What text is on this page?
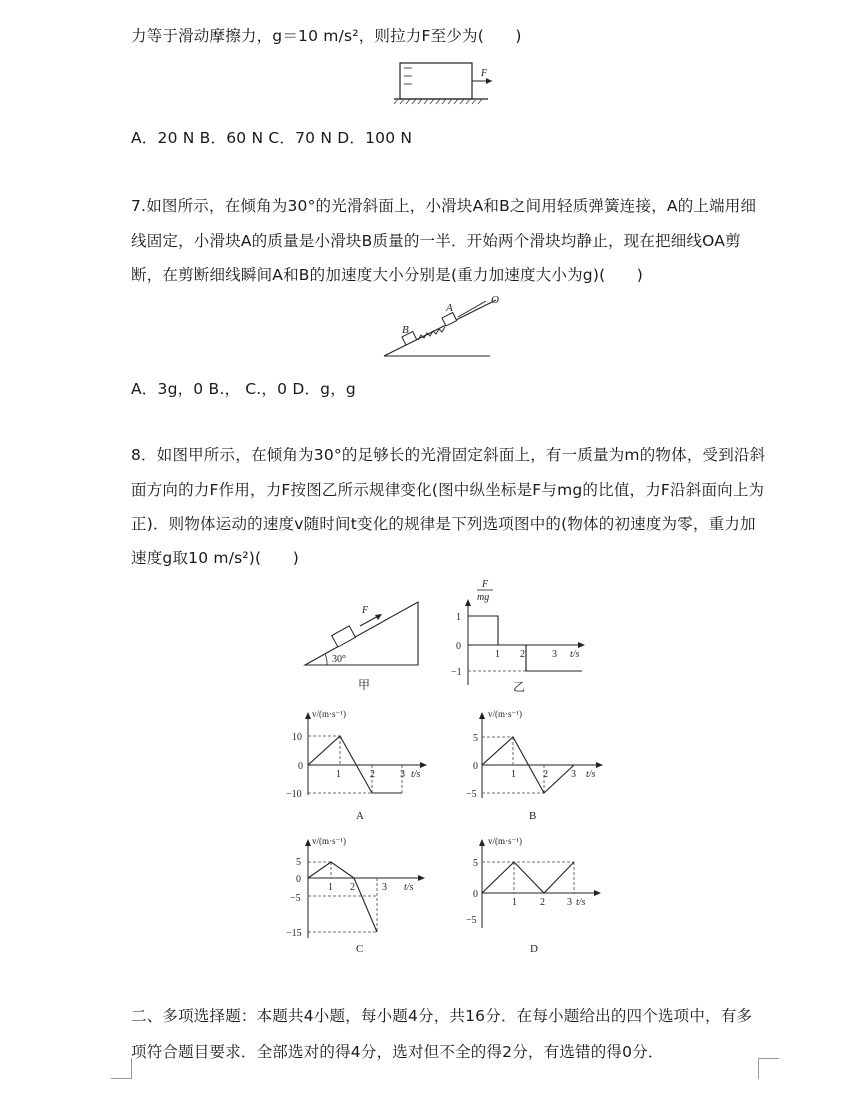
力等于滑动摩擦力，g＝10 m/s²，则拉力F至少为(　　)
F
A．20 N B．60 N C．70 N D．100 N
7.如图所示，在倾角为30°的光滑斜面上，小滑块A和B之间用轻质弹簧连接，A的上端用细
线固定，小滑块A的质量是小滑块B质量的一半．开始两个滑块均静止，现在把细线OA剪
断，在剪断细线瞬间A和B的加速度大小分别是(重力加速度大小为g)(　　)
B
A
O
A．3g，0 B.， C.，0 D．g，g
8．如图甲所示，在倾角为30°的足够长的光滑固定斜面上，有一质量为m的物体，受到沿斜
面方向的力F作用，力F按图乙所示规律变化(图中纵坐标是F与mg的比值，力F沿斜面向上为
正)．则物体运动的速度v随时间t变化的规律是下列选项图中的(物体的初速度为零，重力加
速度g取10 m/s²)(　　)
F
30°
甲
F
mg
1
0
−1
1 2	3 t/s
乙
v/(m·s⁻¹)
10
0
−10
1	2	3 t/s
A
v/(m·s⁻¹)
5
0
−5
1	2 3 t/s
B
v/(m·s⁻¹)
5
0
−5
−15
1 2	3 t/s
C
v/(m·s⁻¹)
5
0
−5
1 2 3 t/s
D
二、多项选择题：本题共4小题，每小题4分，共16分．在每小题给出的四个选项中，有多
项符合题目要求．全部选对的得4分，选对但不全的得2分，有选错的得0分．
